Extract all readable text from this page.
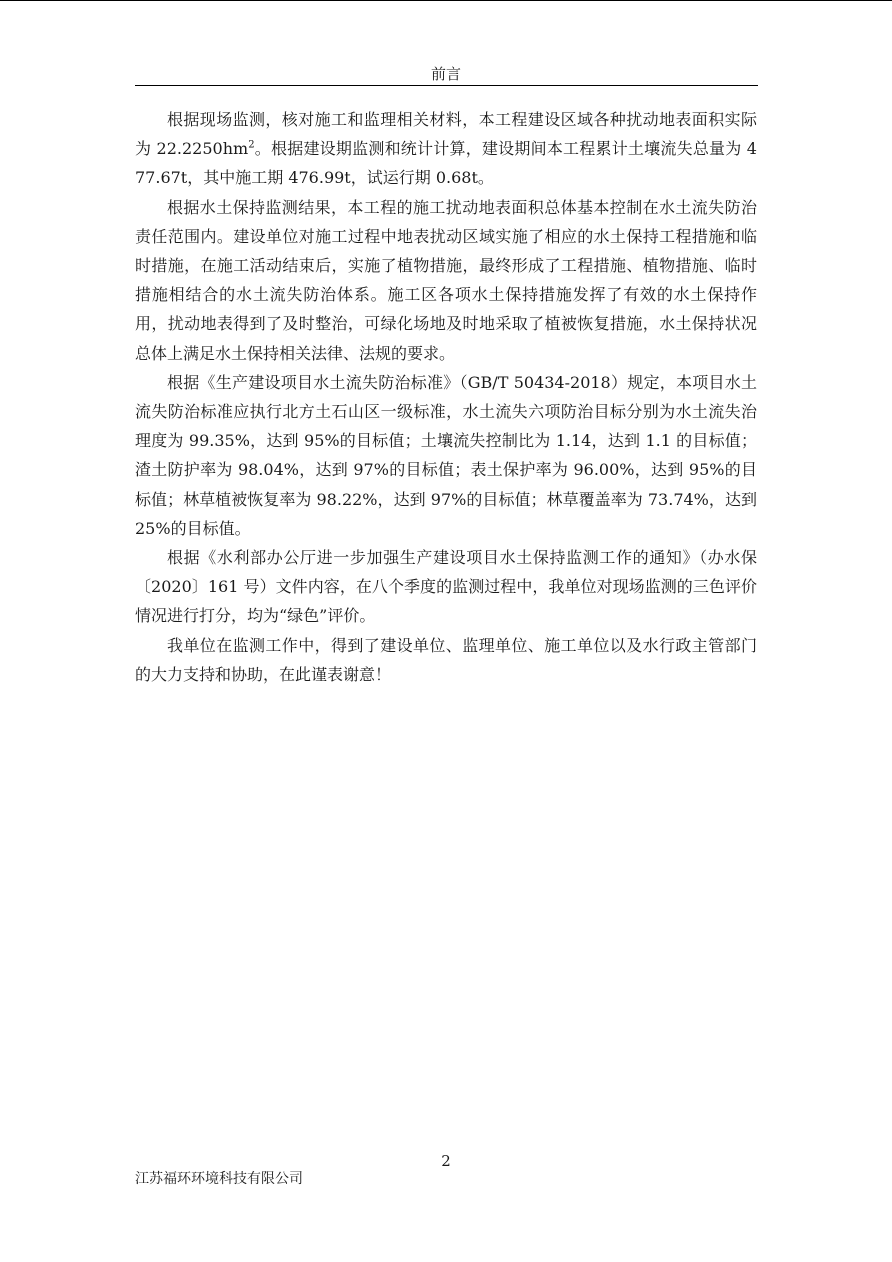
前言

根据现场监测，核对施工和监理相关材料，本工程建设区域各种扰动地表面积实际为 $22.2250hm^2$。根据建设期监测和统计计算，建设期间本工程累计土壤流失总量为 477.67t，其中施工期 476.99t，试运行期 0.68t。

根据水土保持监测结果，本工程的施工扰动地表面积总体基本控制在水土流失防治责任范围内。建设单位对施工过程中地表扰动区域实施了相应的水土保持工程措施和临时措施，在施工活动结束后，实施了植物措施，最终形成了工程措施、植物措施、临时措施相结合的水土流失防治体系。施工区各项水土保持措施发挥了有效的水土保持作用，扰动地表得到了及时整治，可绿化场地及时地采取了植被恢复措施，水土保持状况总体上满足水土保持相关法律、法规的要求。

根据《生产建设项目水土流失防治标准》（GB/T 50434-2018）规定，本项目水土流失防治标准应执行北方土石山区一级标准，水土流失六项防治目标分别为水土流失治理度为 99.35%，达到 95%的目标值；土壤流失控制比为 1.14，达到 1.1 的目标值；渣土防护率为 98.04%，达到 97%的目标值；表土保护率为 96.00%，达到 95%的目标值；林草植被恢复率为 98.22%，达到 97%的目标值；林草覆盖率为 73.74%，达到 25%的目标值。

根据《水利部办公厅进一步加强生产建设项目水土保持监测工作的通知》（办水保〔2020〕161 号）文件内容，在八个季度的监测过程中，我单位对现场监测的三色评价情况进行打分，均为“绿色”评价。

我单位在监测工作中，得到了建设单位、监理单位、施工单位以及水行政主管部门的大力支持和协助，在此谨表谢意！

2
江苏福环环境科技有限公司
